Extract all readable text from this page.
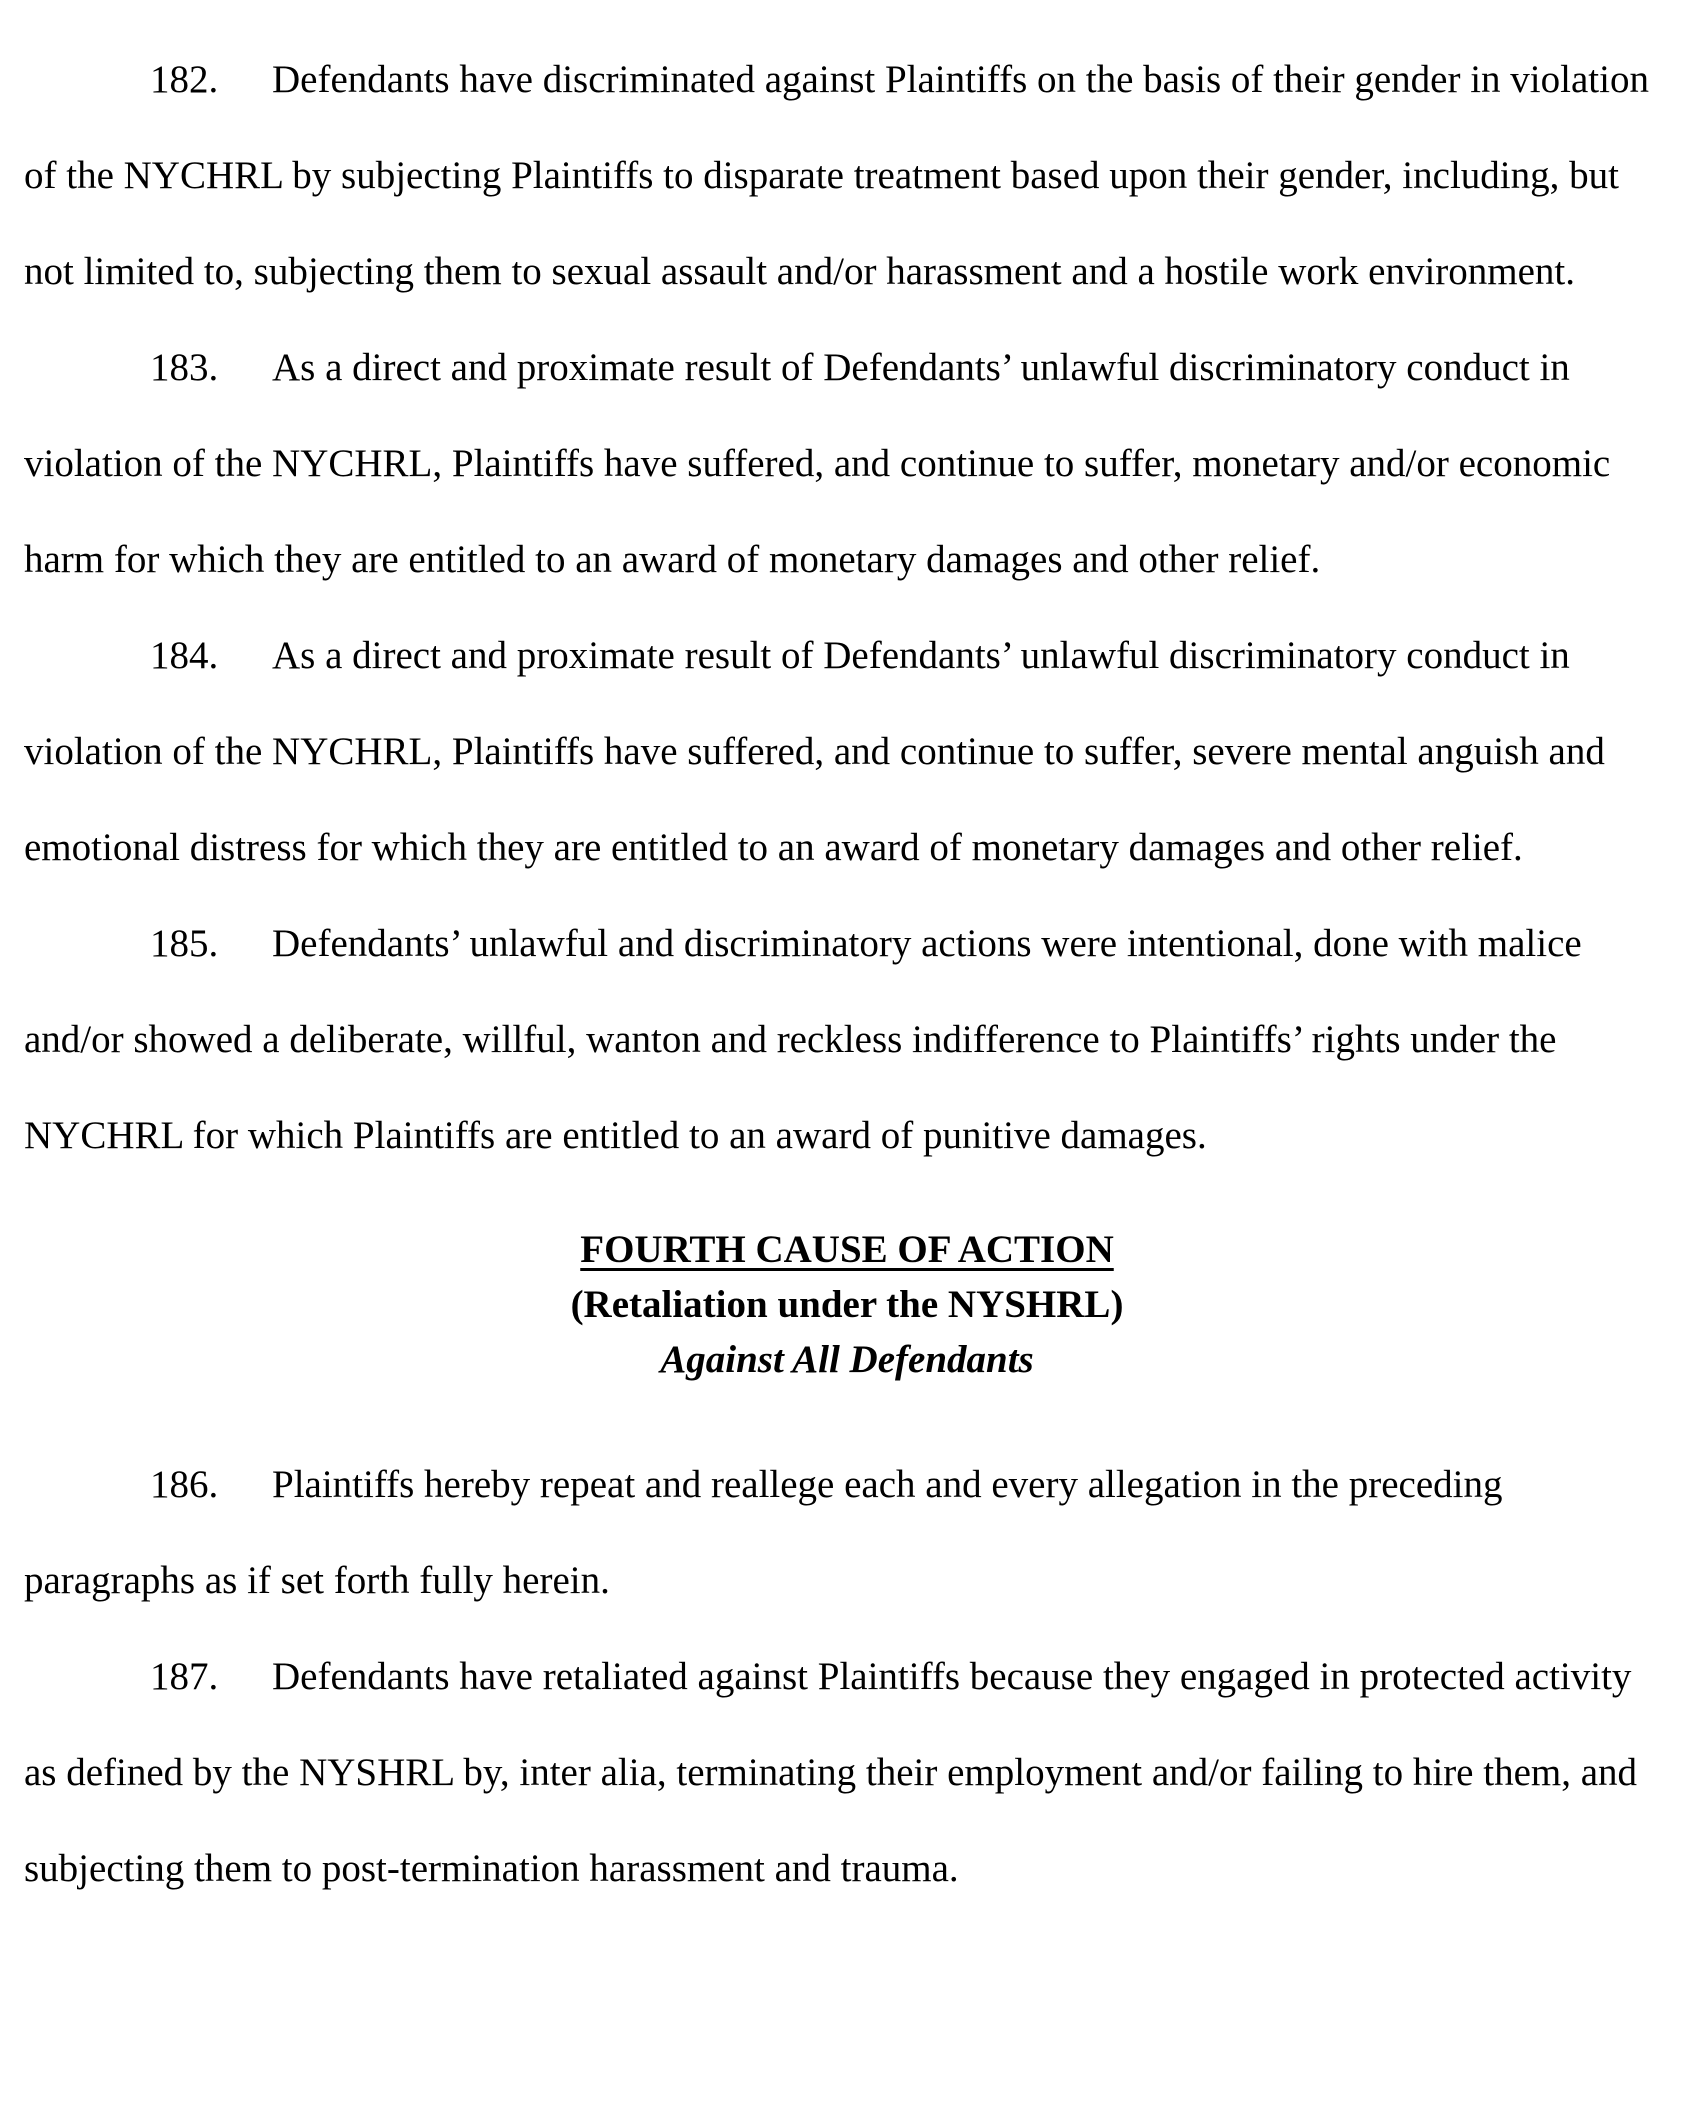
182. Defendants have discriminated against Plaintiffs on the basis of their gender in violation of the NYCHRL by subjecting Plaintiffs to disparate treatment based upon their gender, including, but not limited to, subjecting them to sexual assault and/or harassment and a hostile work environment.

183. As a direct and proximate result of Defendants’ unlawful discriminatory conduct in violation of the NYCHRL, Plaintiffs have suffered, and continue to suffer, monetary and/or economic harm for which they are entitled to an award of monetary damages and other relief.

184. As a direct and proximate result of Defendants’ unlawful discriminatory conduct in violation of the NYCHRL, Plaintiffs have suffered, and continue to suffer, severe mental anguish and emotional distress for which they are entitled to an award of monetary damages and other relief.

185. Defendants’ unlawful and discriminatory actions were intentional, done with malice and/or showed a deliberate, willful, wanton and reckless indifference to Plaintiffs’ rights under the NYCHRL for which Plaintiffs are entitled to an award of punitive damages.

FOURTH CAUSE OF ACTION
(Retaliation under the NYSHRL)
Against All Defendants

186. Plaintiffs hereby repeat and reallege each and every allegation in the preceding paragraphs as if set forth fully herein.

187. Defendants have retaliated against Plaintiffs because they engaged in protected activity as defined by the NYSHRL by, inter alia, terminating their employment and/or failing to hire them, and subjecting them to post-termination harassment and trauma.
